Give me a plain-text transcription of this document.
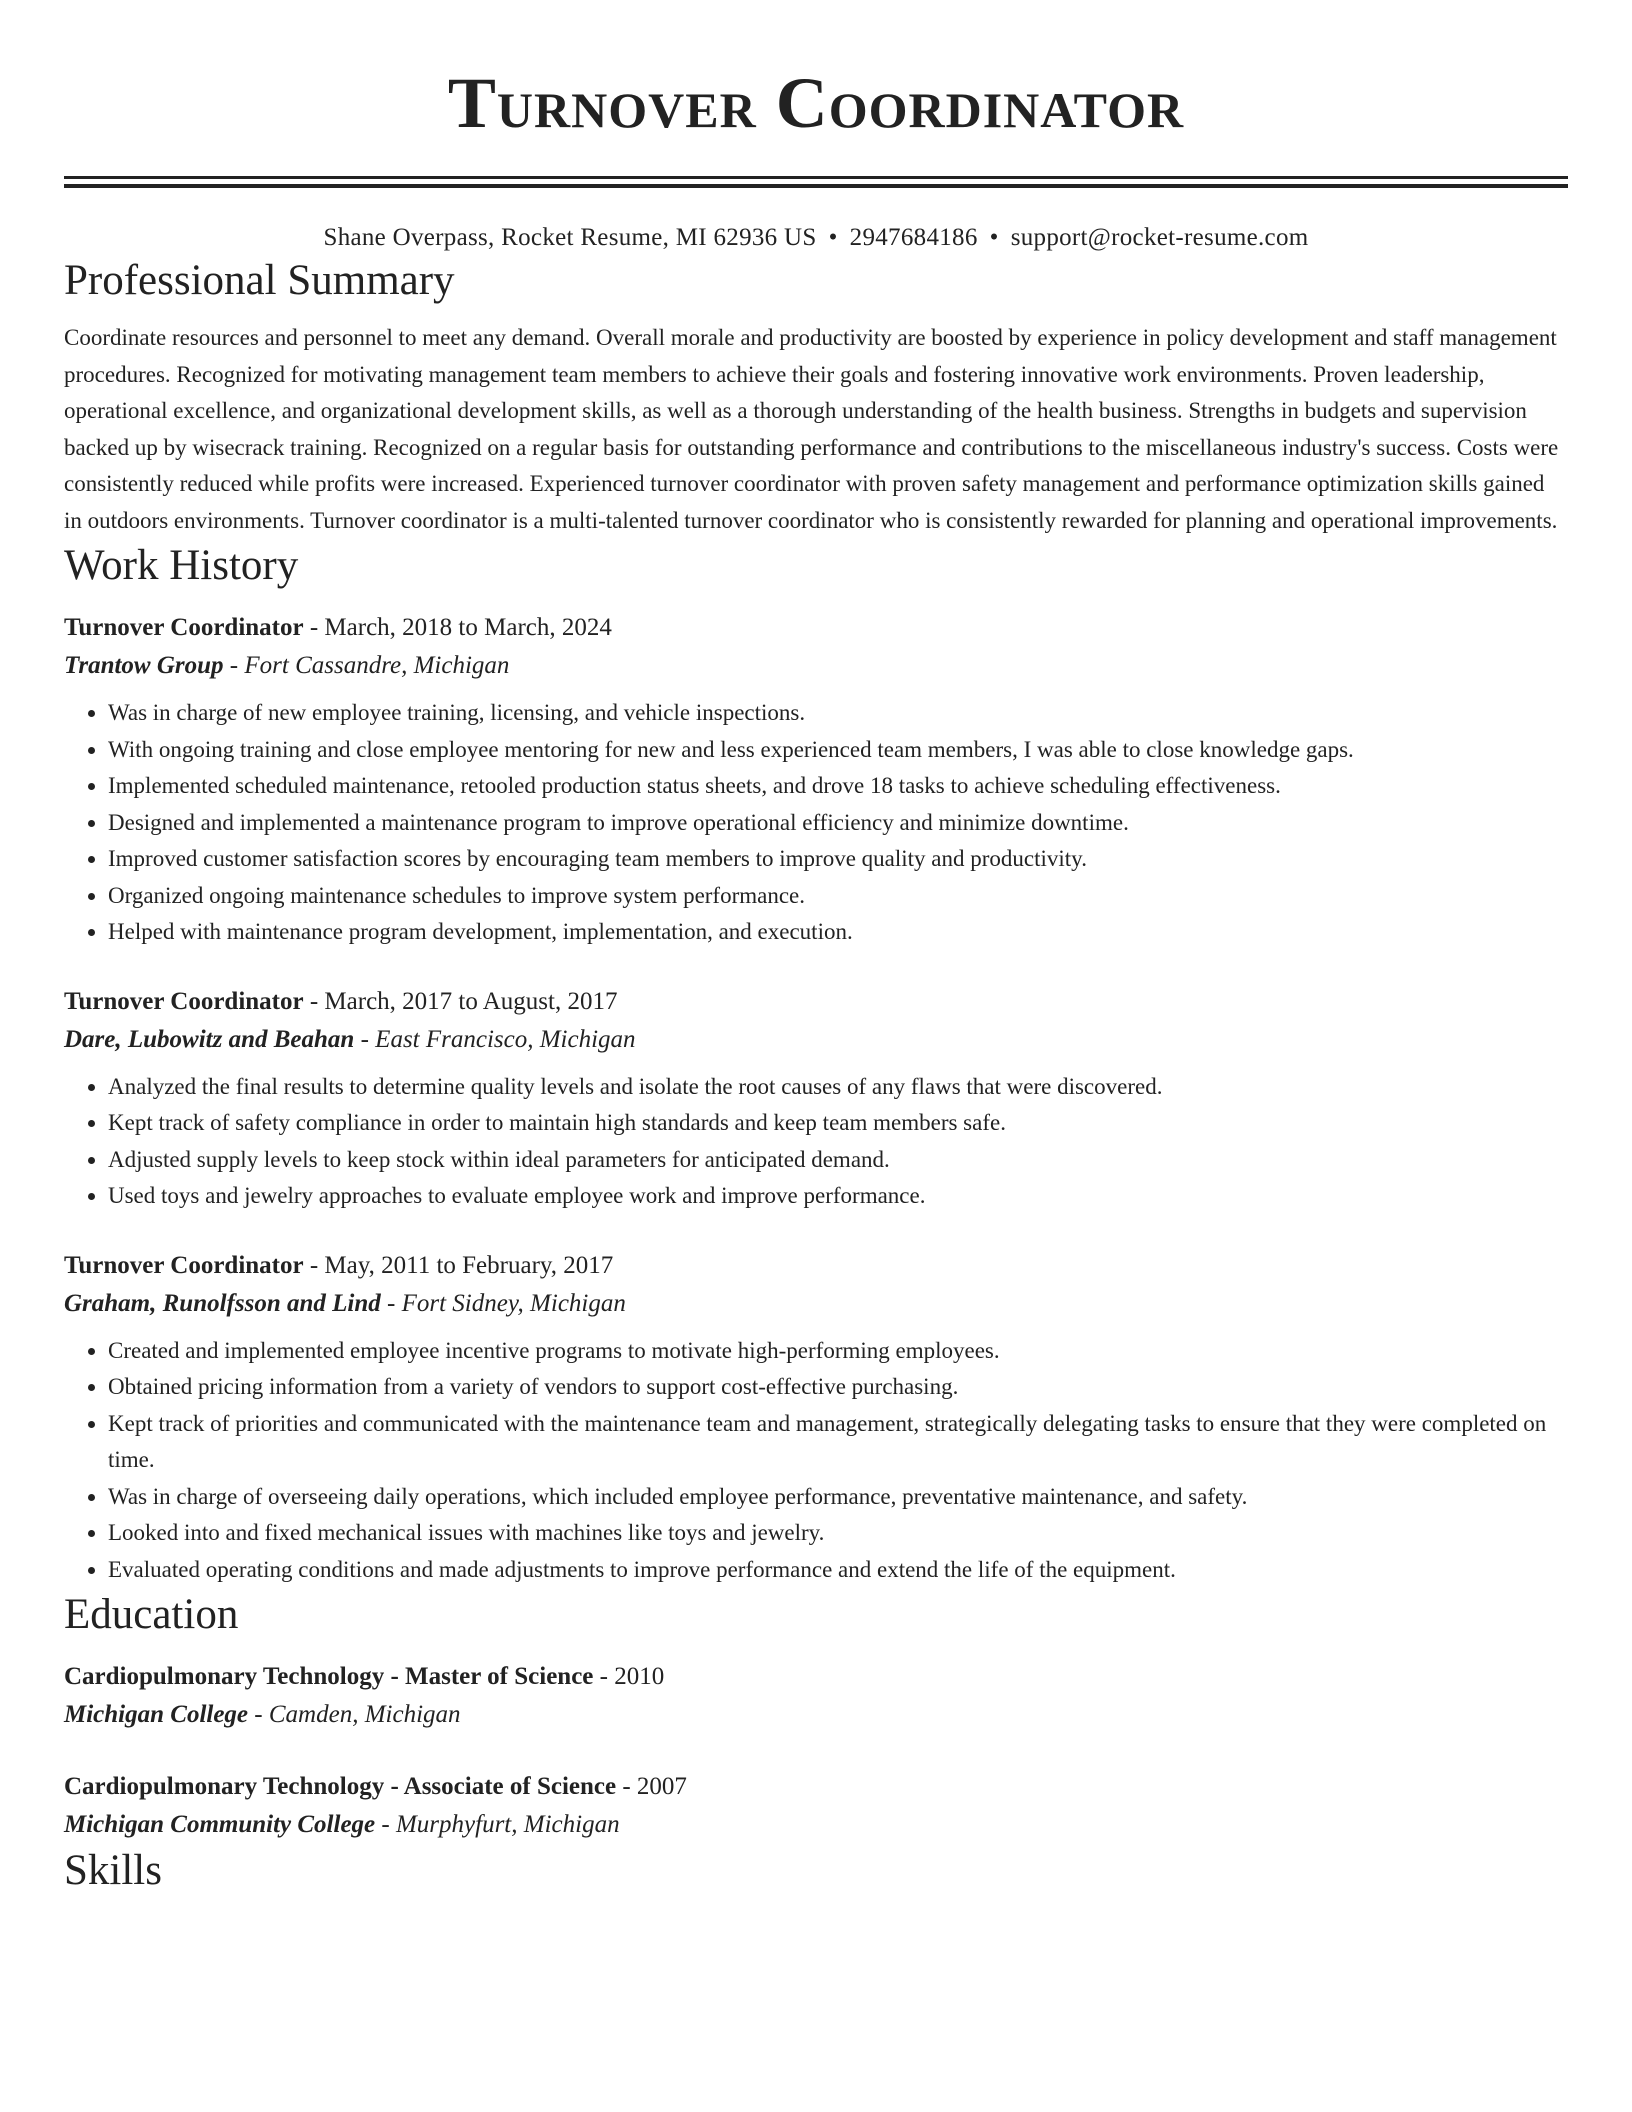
Turnover Coordinator
Shane Overpass, Rocket Resume, MI 62936 US • 2947684186 • support@rocket-resume.com
Professional Summary
Coordinate resources and personnel to meet any demand. Overall morale and productivity are boosted by experience in policy development and staff management procedures. Recognized for motivating management team members to achieve their goals and fostering innovative work environments. Proven leadership, operational excellence, and organizational development skills, as well as a thorough understanding of the health business. Strengths in budgets and supervision backed up by wisecrack training. Recognized on a regular basis for outstanding performance and contributions to the miscellaneous industry's success. Costs were consistently reduced while profits were increased. Experienced turnover coordinator with proven safety management and performance optimization skills gained in outdoors environments. Turnover coordinator is a multi-talented turnover coordinator who is consistently rewarded for planning and operational improvements.
Work History
Turnover Coordinator - March, 2018 to March, 2024
Trantow Group - Fort Cassandre, Michigan
• Was in charge of new employee training, licensing, and vehicle inspections.
• With ongoing training and close employee mentoring for new and less experienced team members, I was able to close knowledge gaps.
• Implemented scheduled maintenance, retooled production status sheets, and drove 18 tasks to achieve scheduling effectiveness.
• Designed and implemented a maintenance program to improve operational efficiency and minimize downtime.
• Improved customer satisfaction scores by encouraging team members to improve quality and productivity.
• Organized ongoing maintenance schedules to improve system performance.
• Helped with maintenance program development, implementation, and execution.
Turnover Coordinator - March, 2017 to August, 2017
Dare, Lubowitz and Beahan - East Francisco, Michigan
• Analyzed the final results to determine quality levels and isolate the root causes of any flaws that were discovered.
• Kept track of safety compliance in order to maintain high standards and keep team members safe.
• Adjusted supply levels to keep stock within ideal parameters for anticipated demand.
• Used toys and jewelry approaches to evaluate employee work and improve performance.
Turnover Coordinator - May, 2011 to February, 2017
Graham, Runolfsson and Lind - Fort Sidney, Michigan
• Created and implemented employee incentive programs to motivate high-performing employees.
• Obtained pricing information from a variety of vendors to support cost-effective purchasing.
• Kept track of priorities and communicated with the maintenance team and management, strategically delegating tasks to ensure that they were completed on time.
• Was in charge of overseeing daily operations, which included employee performance, preventative maintenance, and safety.
• Looked into and fixed mechanical issues with machines like toys and jewelry.
• Evaluated operating conditions and made adjustments to improve performance and extend the life of the equipment.
Education
Cardiopulmonary Technology - Master of Science - 2010
Michigan College - Camden, Michigan
Cardiopulmonary Technology - Associate of Science - 2007
Michigan Community College - Murphyfurt, Michigan
Skills
